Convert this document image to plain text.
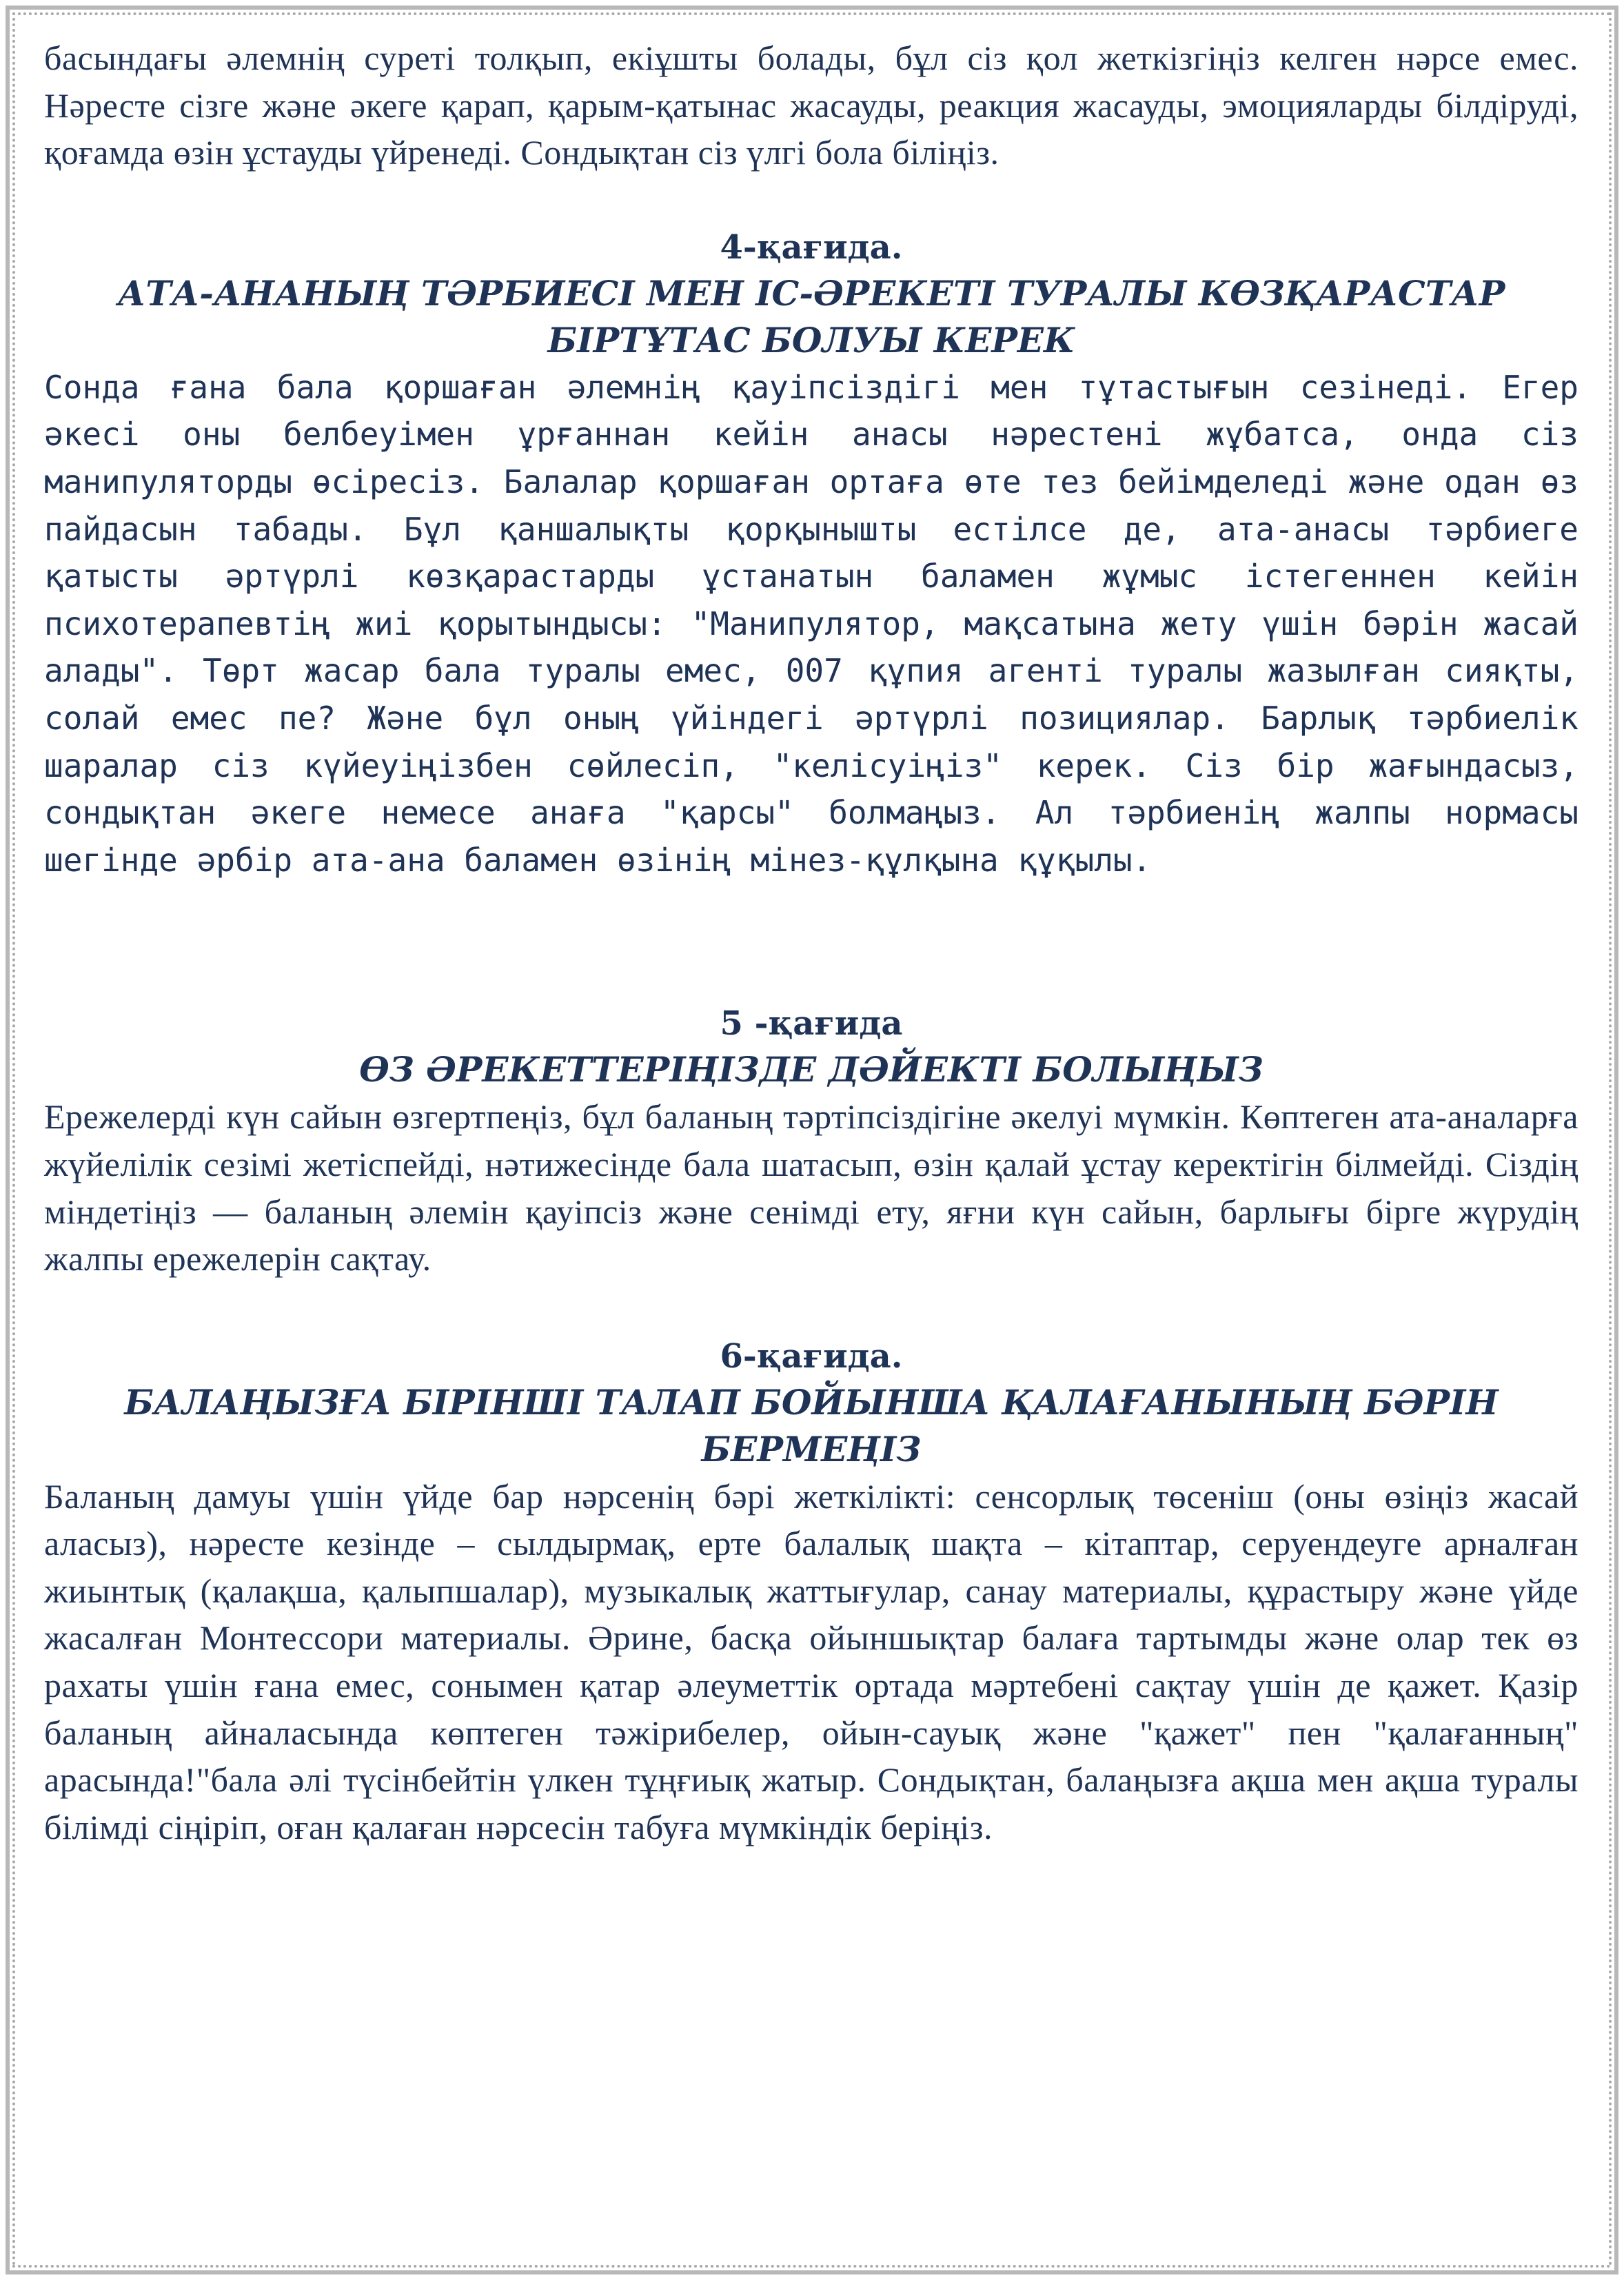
басындағы әлемнің суреті толқып, екіұшты болады, бұл сіз қол жеткізгіңіз келген нәрсе емес. Нәресте сізге және әкеге қарап, қарым-қатынас жасауды, реакция жасауды, эмоцияларды білдіруді, қоғамда өзін ұстауды үйренеді. Сондықтан сіз үлгі бола біліңіз.

4-қағида.
АТА-АНАНЫҢ ТӘРБИЕСІ МЕН ІС-ӘРЕКЕТІ ТУРАЛЫ КӨЗҚАРАСТАР БІРТҰТАС БОЛУЫ КЕРЕК

Сонда ғана бала қоршаған әлемнің қауіпсіздігі мен тұтастығын сезінеді. Егер әкесі оны белбеуімен ұрғаннан кейін анасы нәрестені жұбатса, онда сіз манипуляторды өсіресіз. Балалар қоршаған ортаға өте тез бейімделеді және одан өз пайдасын табады. Бұл қаншалықты қорқынышты естілсе де, ата-анасы тәрбиеге қатысты әртүрлі көзқарастарды ұстанатын баламен жұмыс істегеннен кейін психотерапевтің жиі қорытындысы: "Манипулятор, мақсатына жету үшін бәрін жасай алады". Төрт жасар бала туралы емес, 007 құпия агенті туралы жазылған сияқты, солай емес пе? Және бұл оның үйіндегі әртүрлі позициялар. Барлық тәрбиелік шаралар сіз күйеуіңізбен сөйлесіп, "келісуіңіз" керек. Сіз бір жағындасыз, сондықтан әкеге немесе анаға "қарсы" болмаңыз. Ал тәрбиенің жалпы нормасы шегінде әрбір ата-ана баламен өзінің мінез-құлқына құқылы.

5 -қағида
ӨЗ ӘРЕКЕТТЕРІҢІЗДЕ ДӘЙЕКТІ БОЛЫҢЫЗ

Ережелерді күн сайын өзгертпеңіз, бұл баланың тәртіпсіздігіне әкелуі мүмкін. Көптеген ата-аналарға жүйелілік сезімі жетіспейді, нәтижесінде бала шатасып, өзін қалай ұстау керектігін білмейді. Сіздің міндетіңіз — баланың әлемін қауіпсіз және сенімді ету, яғни күн сайын, барлығы бірге жүрудің жалпы ережелерін сақтау.

6-қағида.
БАЛАҢЫЗҒА БІРІНШІ ТАЛАП БОЙЫНША ҚАЛАҒАНЫНЫҢ БӘРІН БЕРМЕҢІЗ

Баланың дамуы үшін үйде бар нәрсенің бәрі жеткілікті: сенсорлық төсеніш (оны өзіңіз жасай аласыз), нәресте кезінде – сылдырмақ, ерте балалық шақта – кітаптар, серуендеуге арналған жиынтық (қалақша, қалыпшалар), музыкалық жаттығулар, санау материалы, құрастыру және үйде жасалған Монтессори материалы. Әрине, басқа ойыншықтар балаға тартымды және олар тек өз рахаты үшін ғана емес, сонымен қатар әлеуметтік ортада мәртебені сақтау үшін де қажет. Қазір баланың айналасында көптеген тәжірибелер, ойын-сауық және "қажет" пен "қалағанның" арасында!"бала әлі түсінбейтін үлкен тұңғиық жатыр. Сондықтан, балаңызға ақша мен ақша туралы білімді сіңіріп, оған қалаған нәрсесін табуға мүмкіндік беріңіз.
